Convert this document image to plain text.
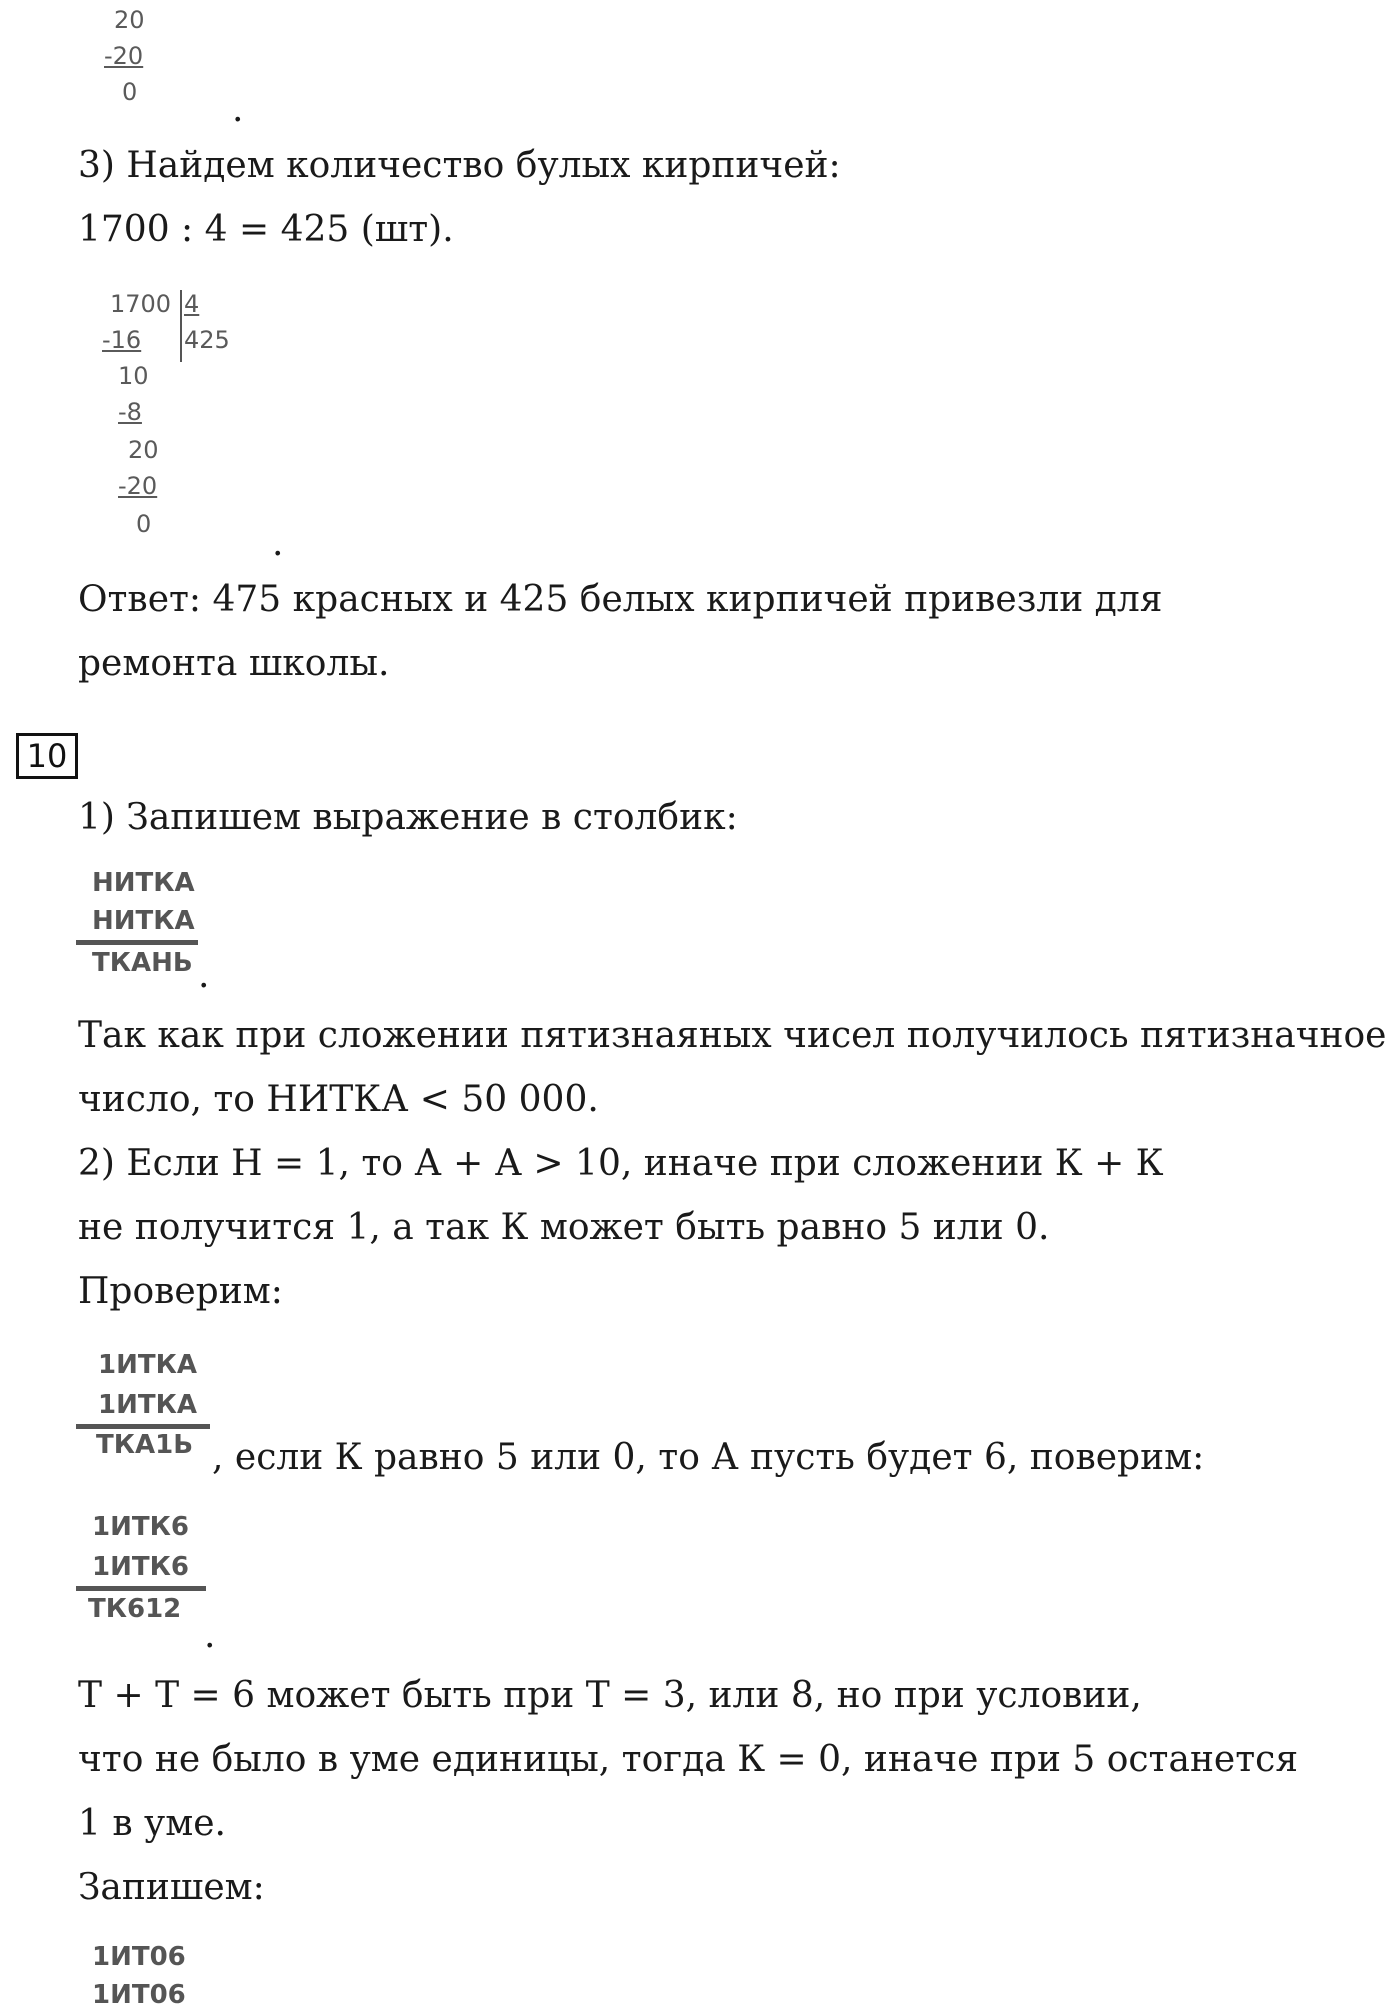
20
-20
0	.
3) Найдем количество булых кирпичей:
1700 : 4 = 425 (шт).
1700 4
425
-16
10
-8
20
-20
0	.
Ответ: 475 красных и 425 белых кирпичей привезли для
ремонта школы.
10
1) Запишем выражение в столбик:
НИТКА
НИТКА
ТКАНЬ .
Так как при сложении пятизнаяных чисел получилось пятизначное
число, то НИТКА < 50 000.
2) Если Н = 1, то А + А > 10, иначе при сложении К + К
не получится 1, а так К может быть равно 5 или 0.
Проверим:
1ИТКА
1ИТКА
ТКА1Ь , если К равно 5 или 0, то А пусть будет 6, поверим:
1ИТК6
1ИТК6
ТК612
.
Т + Т = 6 может быть при Т = 3, или 8, но при условии,
что не было в уме единицы, тогда К = 0, иначе при 5 останется
1 в уме.
Запишем:
1ИТ06
1ИТ06
